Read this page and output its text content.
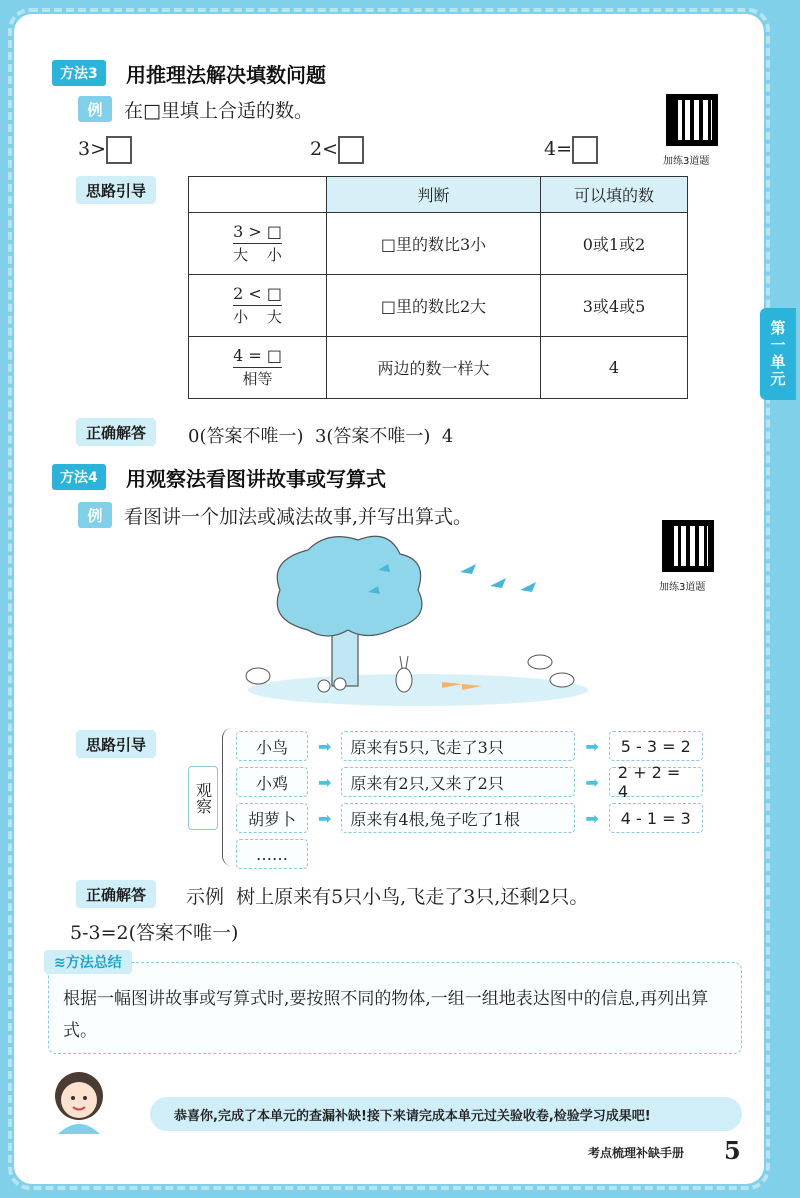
第一单元
方法3	用推理法解决填数问题
例	在□里填上合适的数。
3>	2<	4=
加练3道题
思路引导
		判断	可以填的数
3 > □
大 小	□里的数比3小	0或1或2
2 < □
小 大	□里的数比2大	3或4或5
4 = □
相等	两边的数一样大	4
正确解答	0(答案不唯一)  3(答案不唯一)  4
方法4	用观察法看图讲故事或写算式
例	看图讲一个加法或减法故事,并写出算式。
加练3道题
思路引导
观察
小鸟	➡	原来有5只,飞走了3只	➡	5 - 3 = 2
小鸡	➡	原来有2只,又来了2只	➡	2 + 2 = 4
胡萝卜	➡	原来有4根,兔子吃了1根	➡	4 - 1 = 3
……
正确解答	示例  树上原来有5只小鸟,飞走了3只,还剩2只。
5-3=2(答案不唯一)
根据一幅图讲故事或写算式时,要按照不同的物体,一组一组地表达图中的信息,再列出算式。
≋方法总结
恭喜你,完成了本单元的查漏补缺!接下来请完成本单元过关验收卷,检验学习成果吧!
考点梳理补缺手册 5
